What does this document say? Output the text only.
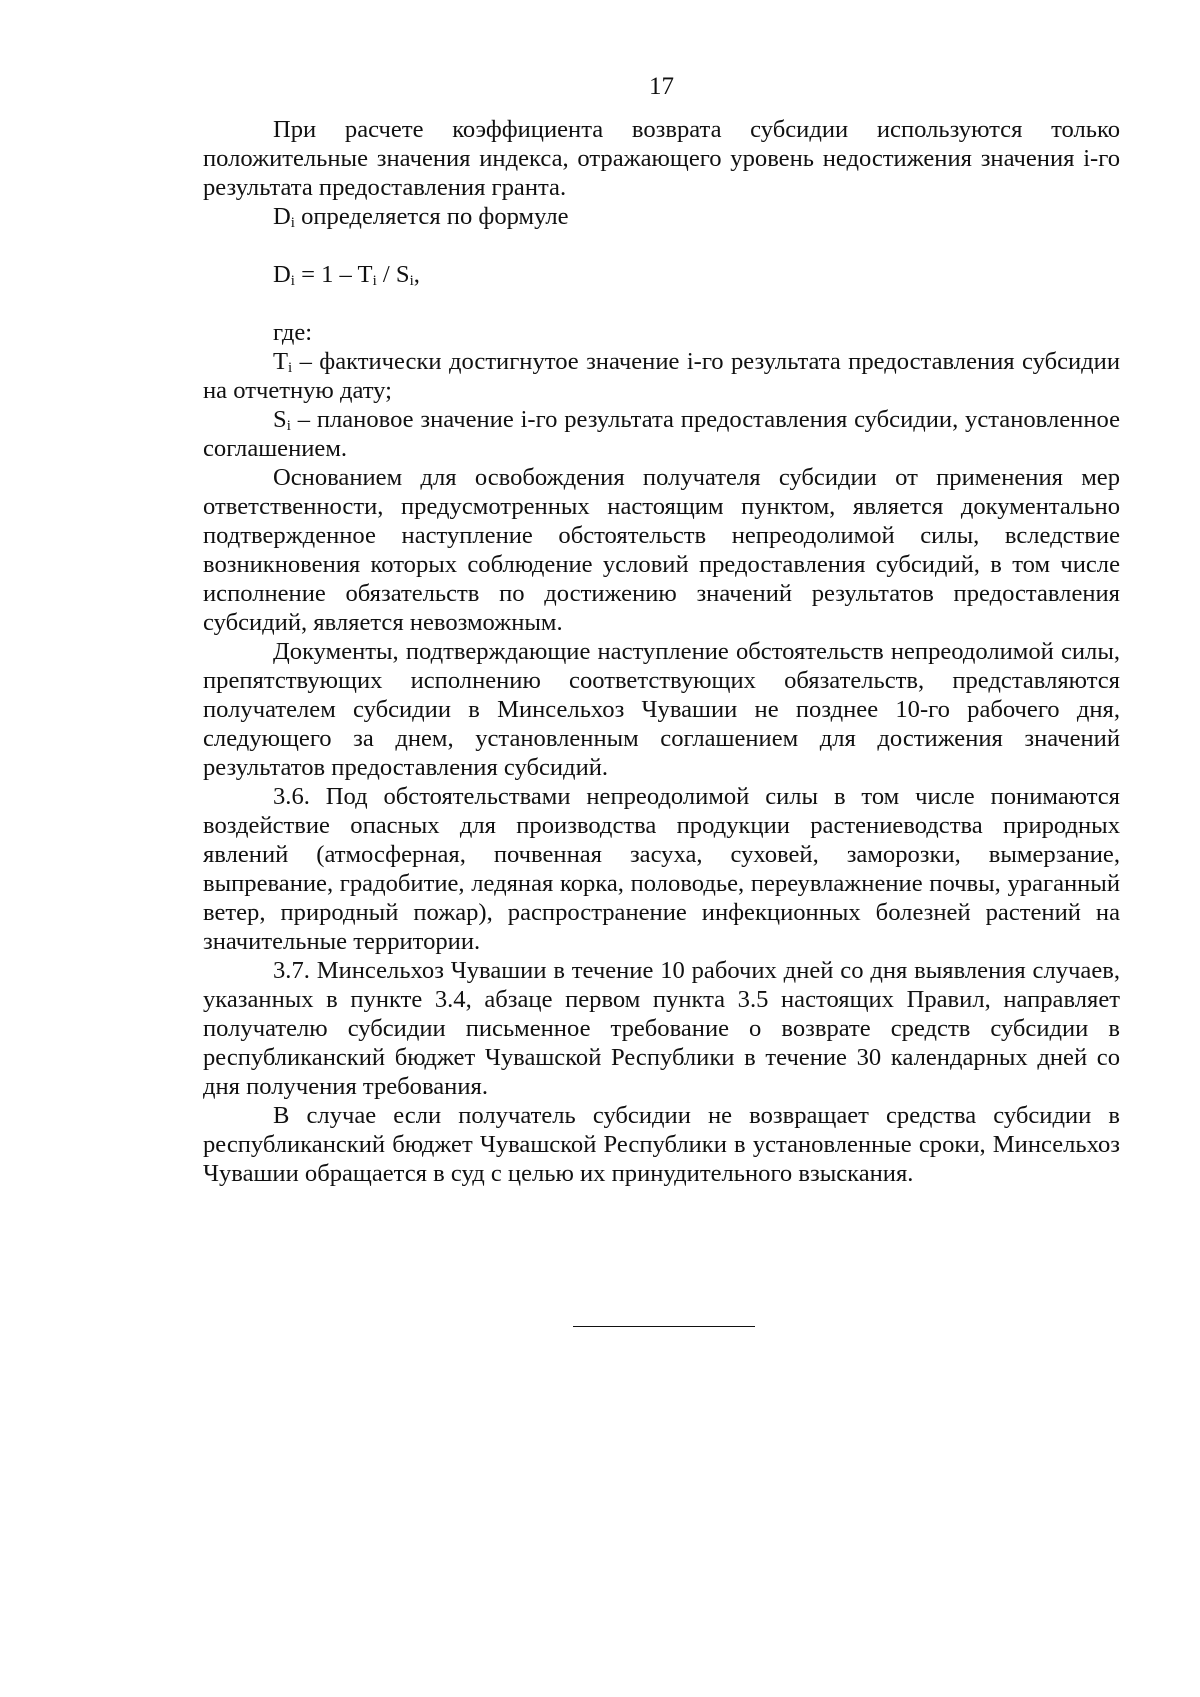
17

При расчете коэффициента возврата субсидии используются только положительные значения индекса, отражающего уровень недостижения значения i-го результата предоставления гранта.

$D_i$ определяется по формуле

$D_i = 1 - T_i / S_i$,

где:

$T_i$ – фактически достигнутое значение i-го результата предоставления субсидии на отчетную дату;

$S_i$ – плановое значение i-го результата предоставления субсидии, установленное соглашением.

Основанием для освобождения получателя субсидии от применения мер ответственности, предусмотренных настоящим пунктом, является документально подтвержденное наступление обстоятельств непреодолимой силы, вследствие возникновения которых соблюдение условий предоставления субсидий, в том числе исполнение обязательств по достижению значений результатов предоставления субсидий, является невозможным.

Документы, подтверждающие наступление обстоятельств непреодолимой силы, препятствующих исполнению соответствующих обязательств, представляются получателем субсидии в Минсельхоз Чувашии не позднее 10-го рабочего дня, следующего за днем, установленным соглашением для достижения значений результатов предоставления субсидий.

3.6. Под обстоятельствами непреодолимой силы в том числе понимаются воздействие опасных для производства продукции растениеводства природных явлений (атмосферная, почвенная засуха, суховей, заморозки, вымерзание, выпревание, градобитие, ледяная корка, половодье, переувлажнение почвы, ураганный ветер, природный пожар), распространение инфекционных болезней растений на значительные территории.

3.7. Минсельхоз Чувашии в течение 10 рабочих дней со дня выявления случаев, указанных в пункте 3.4, абзаце первом пункта 3.5 настоящих Правил, направляет получателю субсидии письменное требование о возврате средств субсидии в республиканский бюджет Чувашской Республики в течение 30 календарных дней со дня получения требования.

В случае если получатель субсидии не возвращает средства субсидии в республиканский бюджет Чувашской Республики в установленные сроки, Минсельхоз Чувашии обращается в суд с целью их принудительного взыскания.
